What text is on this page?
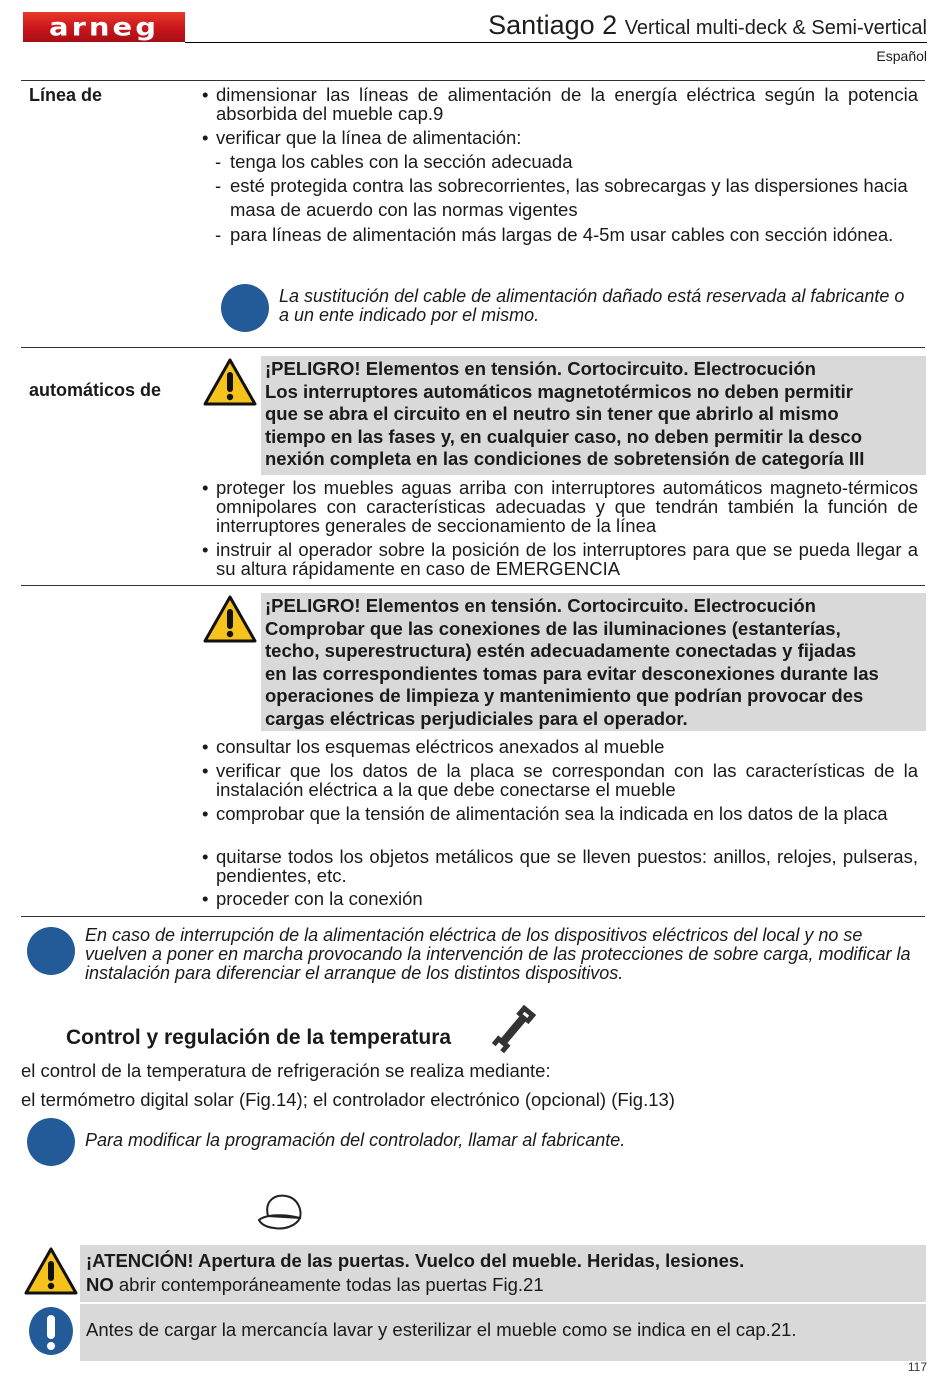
arneg	Santiago 2 Vertical multi-deck & Semi-vertical
Español
Línea de	• dimensionar las líneas de alimentación de la energía eléctrica según la potencia absorbida del mueble cap.9
• verificar que la línea de alimentación:
- tenga los cables con la sección adecuada
- esté protegida contra las sobrecorrientes, las sobrecargas y las dispersiones hacia masa de acuerdo con las normas vigentes
- para líneas de alimentación más largas de 4-5m usar cables con sección idónea.
La sustitución del cable de alimentación dañado está reservada al fabricante o a un ente indicado por el mismo.
automáticos de
¡PELIGRO! Elementos en tensión. Cortocircuito. Electrocución
Los interruptores automáticos magnetotérmicos no deben permitir
que se abra el circuito en el neutro sin tener que abrirlo al mismo
tiempo en las fases y, en cualquier caso, no deben permitir la desco
nexión completa en las condiciones de sobretensión de categoría III
• proteger los muebles aguas arriba con interruptores automáticos magneto-térmicos omnipolares con características adecuadas y que tendrán también la función de interruptores generales de seccionamiento de la línea
• instruir al operador sobre la posición de los interruptores para que se pueda llegar a su altura rápidamente en caso de EMERGENCIA
¡PELIGRO! Elementos en tensión. Cortocircuito. Electrocución
Comprobar que las conexiones de las iluminaciones (estanterías,
techo, superestructura) estén adecuadamente conectadas y fijadas
en las correspondientes tomas para evitar desconexiones durante las
operaciones de limpieza y mantenimiento que podrían provocar des
cargas eléctricas perjudiciales para el operador.
• consultar los esquemas eléctricos anexados al mueble
• verificar que los datos de la placa se correspondan con las características de la instalación eléctrica a la que debe conectarse el mueble
• comprobar que la tensión de alimentación sea la indicada en los datos de la placa
• quitarse todos los objetos metálicos que se lleven puestos: anillos, relojes, pulseras, pendientes, etc.
• proceder con la conexión
En caso de interrupción de la alimentación eléctrica de los dispositivos eléctricos del local y no se vuelven a poner en marcha provocando la intervención de las protecciones de sobre carga, modificar la instalación para diferenciar el arranque de los distintos dispositivos.
Control y regulación de la temperatura
el control de la temperatura de refrigeración se realiza mediante:
el termómetro digital solar (Fig.14); el controlador electrónico (opcional) (Fig.13)
Para modificar la programación del controlador, llamar al fabricante.
¡ATENCIÓN! Apertura de las puertas. Vuelco del mueble. Heridas, lesiones.
NO abrir contemporáneamente todas las puertas Fig.21
Antes de cargar la mercancía lavar y esterilizar el mueble como se indica en el cap.21.
117
